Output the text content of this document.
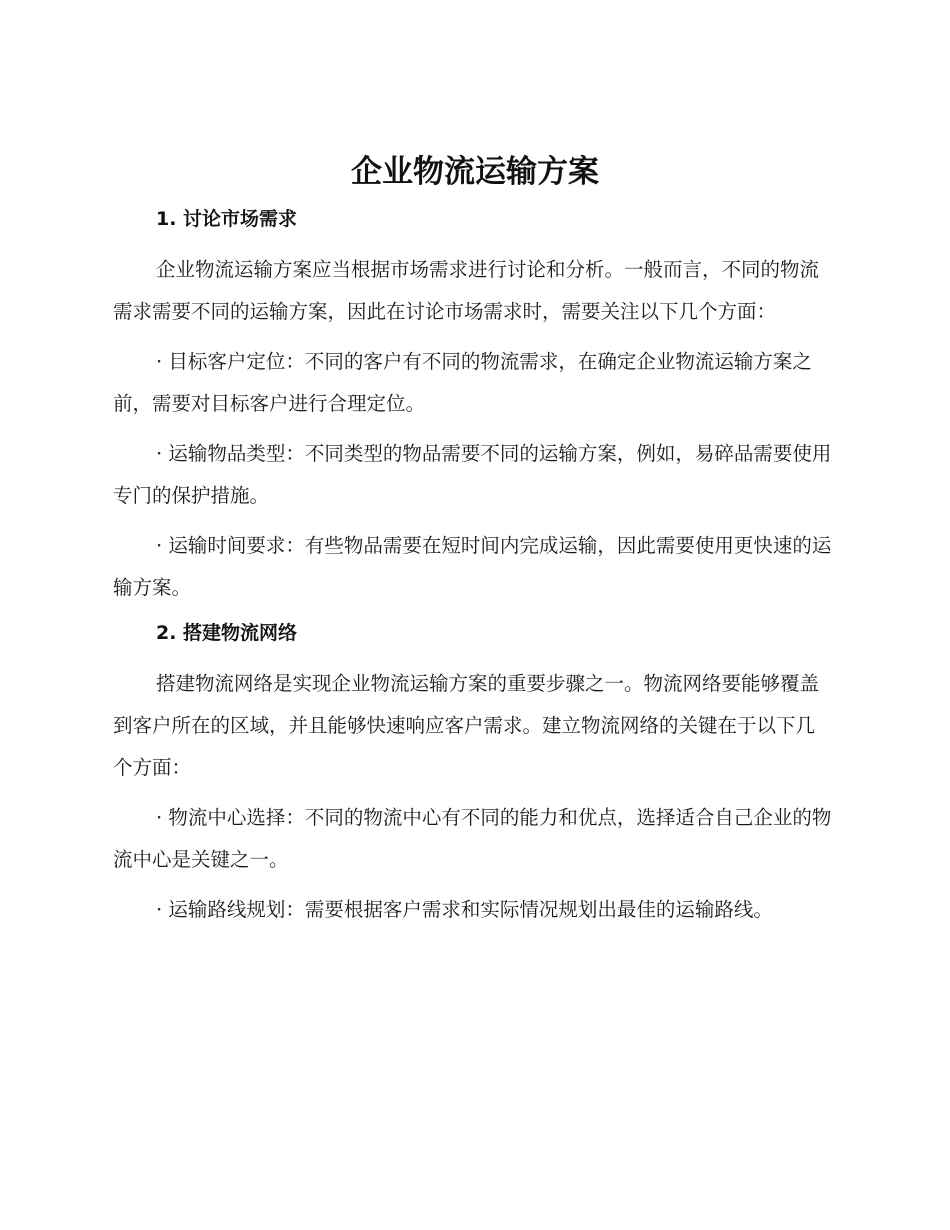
企业物流运输方案
1. 讨论市场需求

企业物流运输方案应当根据市场需求进行讨论和分析。一般而言，不同的物流需求需要不同的运输方案，因此在讨论市场需求时，需要关注以下几个方面：

· 目标客户定位：不同的客户有不同的物流需求，在确定企业物流运输方案之前，需要对目标客户进行合理定位。

· 运输物品类型：不同类型的物品需要不同的运输方案，例如，易碎品需要使用专门的保护措施。

· 运输时间要求：有些物品需要在短时间内完成运输，因此需要使用更快速的运输方案。

2. 搭建物流网络

搭建物流网络是实现企业物流运输方案的重要步骤之一。物流网络要能够覆盖到客户所在的区域，并且能够快速响应客户需求。建立物流网络的关键在于以下几个方面：

· 物流中心选择：不同的物流中心有不同的能力和优点，选择适合自己企业的物流中心是关键之一。

· 运输路线规划：需要根据客户需求和实际情况规划出最佳的运输路线。
